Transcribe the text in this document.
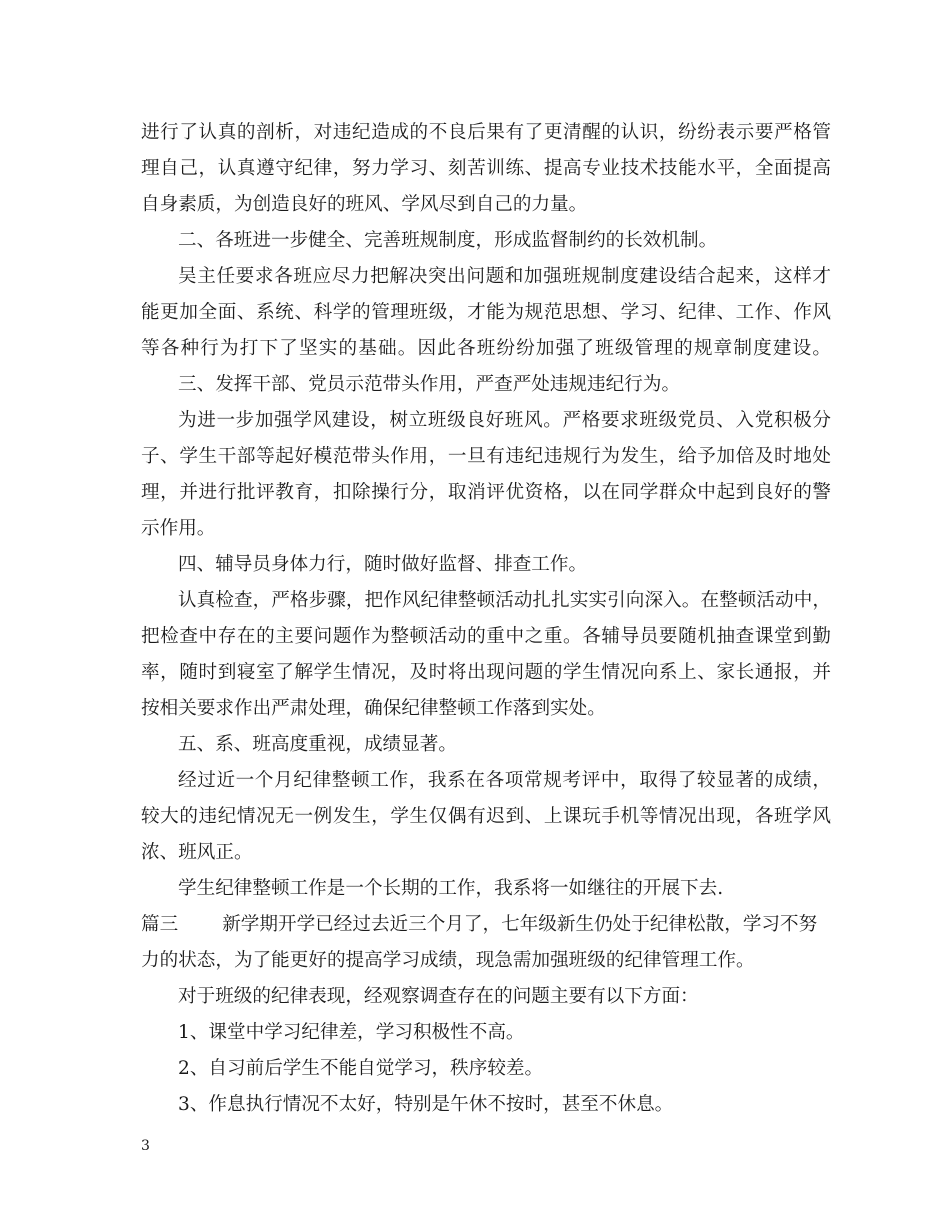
进行了认真的剖析，对违纪造成的不良后果有了更清醒的认识，纷纷表示要严格管
理自己，认真遵守纪律，努力学习、刻苦训练、提高专业技术技能水平，全面提高
自身素质，为创造良好的班风、学风尽到自己的力量。
二、各班进一步健全、完善班规制度，形成监督制约的长效机制。
吴主任要求各班应尽力把解决突出问题和加强班规制度建设结合起来，这样才
能更加全面、系统、科学的管理班级，才能为规范思想、学习、纪律、工作、作风
等各种行为打下了坚实的基础。因此各班纷纷加强了班级管理的规章制度建设。
三、发挥干部、党员示范带头作用，严查严处违规违纪行为。
为进一步加强学风建设，树立班级良好班风。严格要求班级党员、入党积极分
子、学生干部等起好模范带头作用，一旦有违纪违规行为发生，给予加倍及时地处
理，并进行批评教育，扣除操行分，取消评优资格，以在同学群众中起到良好的警
示作用。
四、辅导员身体力行，随时做好监督、排查工作。
认真检查，严格步骤，把作风纪律整顿活动扎扎实实引向深入。在整顿活动中，
把检查中存在的主要问题作为整顿活动的重中之重。各辅导员要随机抽查课堂到勤
率，随时到寝室了解学生情况，及时将出现问题的学生情况向系上、家长通报，并
按相关要求作出严肃处理，确保纪律整顿工作落到实处。
五、系、班高度重视，成绩显著。
经过近一个月纪律整顿工作，我系在各项常规考评中，取得了较显著的成绩，
较大的违纪情况无一例发生，学生仅偶有迟到、上课玩手机等情况出现，各班学风
浓、班风正。
学生纪律整顿工作是一个长期的工作，我系将一如继往的开展下去.
篇三 新学期开学已经过去近三个月了，七年级新生仍处于纪律松散，学习不努
力的状态，为了能更好的提高学习成绩，现急需加强班级的纪律管理工作。
对于班级的纪律表现，经观察调查存在的问题主要有以下方面：
1、课堂中学习纪律差，学习积极性不高。
2、自习前后学生不能自觉学习，秩序较差。
3、作息执行情况不太好，特别是午休不按时，甚至不休息。
3
